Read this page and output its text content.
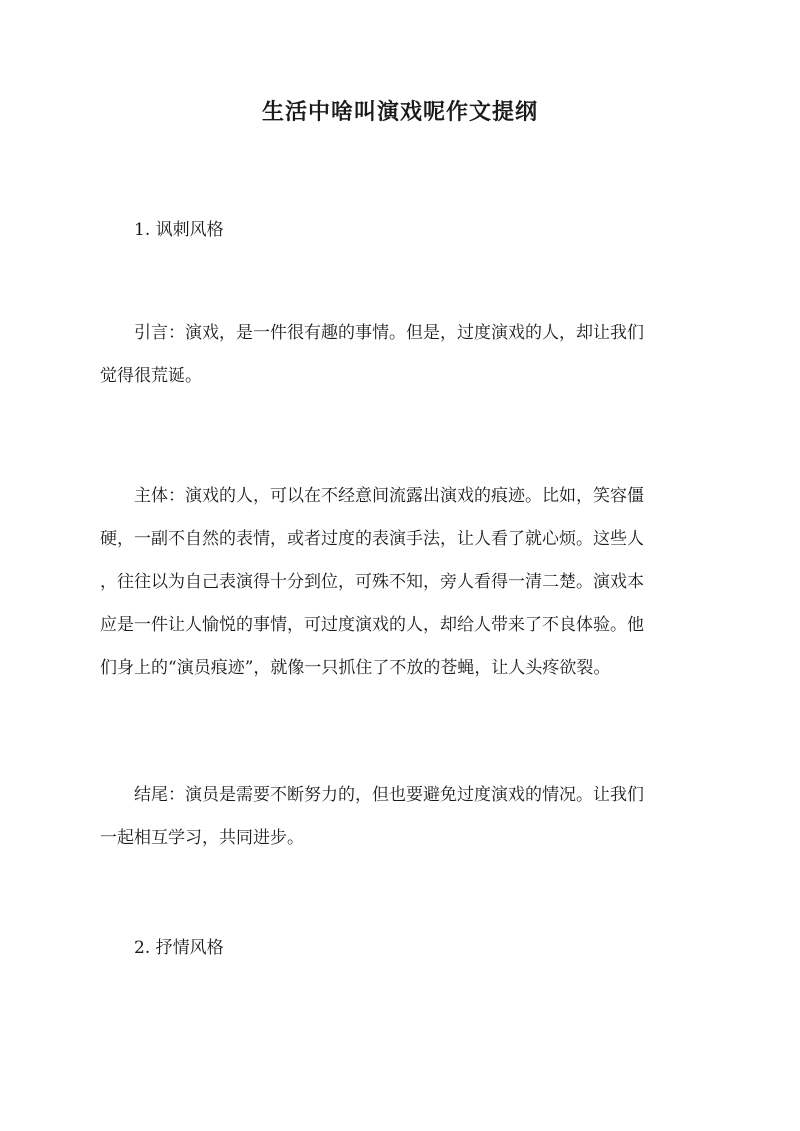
生活中啥叫演戏呢作文提纲

1. 讽刺风格

引言：演戏，是一件很有趣的事情。但是，过度演戏的人，却让我们
觉得很荒诞。
主体：演戏的人，可以在不经意间流露出演戏的痕迹。比如，笑容僵
硬，一副不自然的表情，或者过度的表演手法，让人看了就心烦。这些人
，往往以为自己表演得十分到位，可殊不知，旁人看得一清二楚。演戏本
应是一件让人愉悦的事情，可过度演戏的人，却给人带来了不良体验。他
们身上的“演员痕迹”，就像一只抓住了不放的苍蝇，让人头疼欲裂。
结尾：演员是需要不断努力的，但也要避免过度演戏的情况。让我们
一起相互学习，共同进步。

2. 抒情风格
